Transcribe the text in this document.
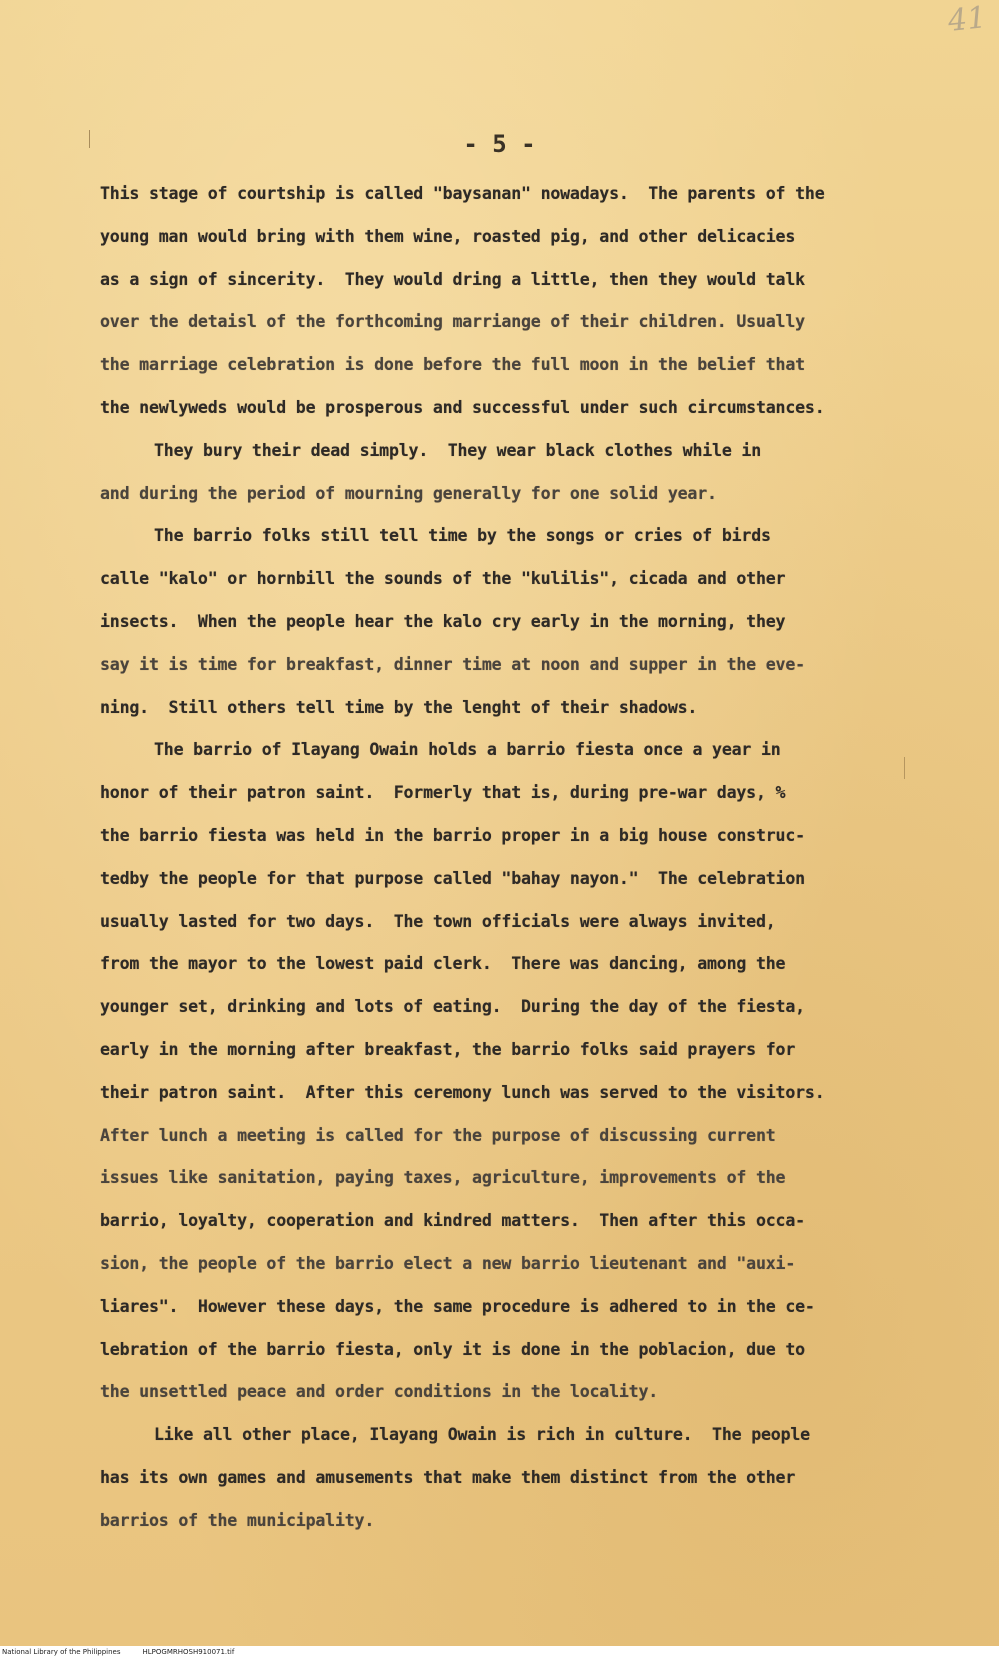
41
- 5 -
This stage of courtship is called "baysanan" nowadays.  The parents of the
young man would bring with them wine, roasted pig, and other delicacies
as a sign of sincerity.  They would dring a little, then they would talk
over the detaisl of the forthcoming marriange of their children. Usually
the marriage celebration is done before the full moon in the belief that
the newlyweds would be prosperous and successful under such circumstances.
They bury their dead simply.  They wear black clothes while in
and during the period of mourning generally for one solid year.
The barrio folks still tell time by the songs or cries of birds
calle "kalo" or hornbill the sounds of the "kulilis", cicada and other
insects.  When the people hear the kalo cry early in the morning, they
say it is time for breakfast, dinner time at noon and supper in the eve-
ning.  Still others tell time by the lenght of their shadows.
The barrio of Ilayang Owain holds a barrio fiesta once a year in
honor of their patron saint.  Formerly that is, during pre-war days, %
the barrio fiesta was held in the barrio proper in a big house construc-
tedby the people for that purpose called "bahay nayon."  The celebration
usually lasted for two days.  The town officials were always invited,
from the mayor to the lowest paid clerk.  There was dancing, among the
younger set, drinking and lots of eating.  During the day of the fiesta,
early in the morning after breakfast, the barrio folks said prayers for
their patron saint.  After this ceremony lunch was served to the visitors.
After lunch a meeting is called for the purpose of discussing current
issues like sanitation, paying taxes, agriculture, improvements of the
barrio, loyalty, cooperation and kindred matters.  Then after this occa-
sion, the people of the barrio elect a new barrio lieutenant and "auxi-
liares".  However these days, the same procedure is adhered to in the ce-
lebration of the barrio fiesta, only it is done in the poblacion, due to
the unsettled peace and order conditions in the locality.
Like all other place, Ilayang Owain is rich in culture.  The people
has its own games and amusements that make them distinct from the other
barrios of the municipality.
National Library of the Philippines	HLPOGMRHOSH910071.tif
